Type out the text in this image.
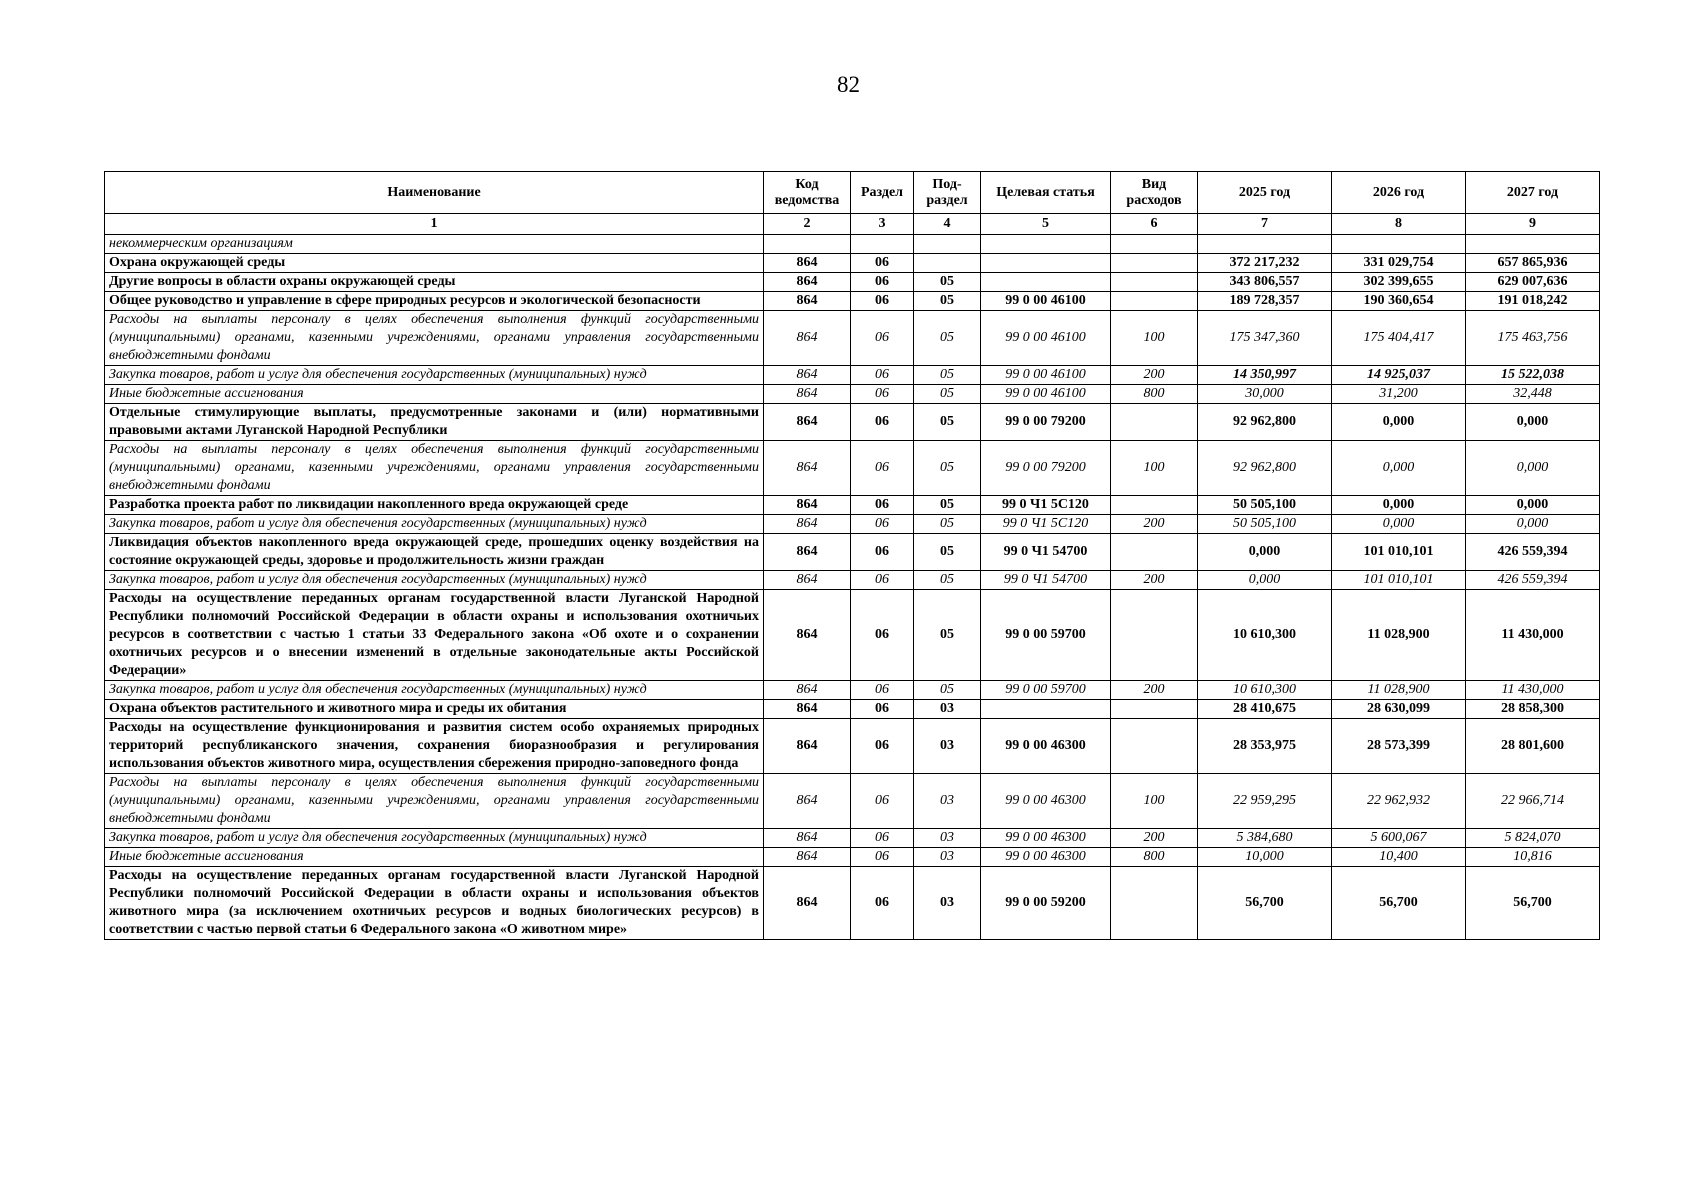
82
Наименование	Код ведомства	Раздел	Под-раздел	Целевая статья	Вид расходов	2025 год	2026 год	2027 год
1	2	3	4	5	6	7	8	9
некоммерческим организациям								
Охрана окружающей среды	864	06				372 217,232	331 029,754	657 865,936
Другие вопросы в области охраны окружающей среды	864	06	05			343 806,557	302 399,655	629 007,636
Общее руководство и управление в сфере природных ресурсов и экологической безопасности	864	06	05	99 0 00 46100		189 728,357	190 360,654	191 018,242
Расходы на выплаты персоналу в целях обеспечения выполнения функций государственными (муниципальными) органами, казенными учреждениями, органами управления государственными внебюджетными фондами	864	06	05	99 0 00 46100	100	175 347,360	175 404,417	175 463,756
Закупка товаров, работ и услуг для обеспечения государственных (муниципальных) нужд	864	06	05	99 0 00 46100	200	14 350,997	14 925,037	15 522,038
Иные бюджетные ассигнования	864	06	05	99 0 00 46100	800	30,000	31,200	32,448
Отдельные стимулирующие выплаты, предусмотренные законами и (или) нормативными правовыми актами Луганской Народной Республики	864	06	05	99 0 00 79200		92 962,800	0,000	0,000
Расходы на выплаты персоналу в целях обеспечения выполнения функций государственными (муниципальными) органами, казенными учреждениями, органами управления государственными внебюджетными фондами	864	06	05	99 0 00 79200	100	92 962,800	0,000	0,000
Разработка проекта работ по ликвидации накопленного вреда окружающей среде	864	06	05	99 0 Ч1 5С120		50 505,100	0,000	0,000
Закупка товаров, работ и услуг для обеспечения государственных (муниципальных) нужд	864	06	05	99 0 Ч1 5С120	200	50 505,100	0,000	0,000
Ликвидация объектов накопленного вреда окружающей среде, прошедших оценку воздействия на состояние окружающей среды, здоровье и продолжительность жизни граждан	864	06	05	99 0 Ч1 54700		0,000	101 010,101	426 559,394
Закупка товаров, работ и услуг для обеспечения государственных (муниципальных) нужд	864	06	05	99 0 Ч1 54700	200	0,000	101 010,101	426 559,394
Расходы на осуществление переданных органам государственной власти Луганской Народной Республики полномочий Российской Федерации в области охраны и использования охотничьих ресурсов в соответствии с частью 1 статьи 33 Федерального закона «Об охоте и о сохранении охотничьих ресурсов и о внесении изменений в отдельные законодательные акты Российской Федерации»	864	06	05	99 0 00 59700		10 610,300	11 028,900	11 430,000
Закупка товаров, работ и услуг для обеспечения государственных (муниципальных) нужд	864	06	05	99 0 00 59700	200	10 610,300	11 028,900	11 430,000
Охрана объектов растительного и животного мира и среды их обитания	864	06	03			28 410,675	28 630,099	28 858,300
Расходы на осуществление функционирования и развития систем особо охраняемых природных территорий республиканского значения, сохранения биоразнообразия и регулирования использования объектов животного мира, осуществления сбережения природно-заповедного фонда	864	06	03	99 0 00 46300		28 353,975	28 573,399	28 801,600
Расходы на выплаты персоналу в целях обеспечения выполнения функций государственными (муниципальными) органами, казенными учреждениями, органами управления государственными внебюджетными фондами	864	06	03	99 0 00 46300	100	22 959,295	22 962,932	22 966,714
Закупка товаров, работ и услуг для обеспечения государственных (муниципальных) нужд	864	06	03	99 0 00 46300	200	5 384,680	5 600,067	5 824,070
Иные бюджетные ассигнования	864	06	03	99 0 00 46300	800	10,000	10,400	10,816
Расходы на осуществление переданных органам государственной власти Луганской Народной Республики полномочий Российской Федерации в области охраны и использования объектов животного мира (за исключением охотничьих ресурсов и водных биологических ресурсов) в соответствии с частью первой статьи 6 Федерального закона «О животном мире»	864	06	03	99 0 00 59200		56,700	56,700	56,700
